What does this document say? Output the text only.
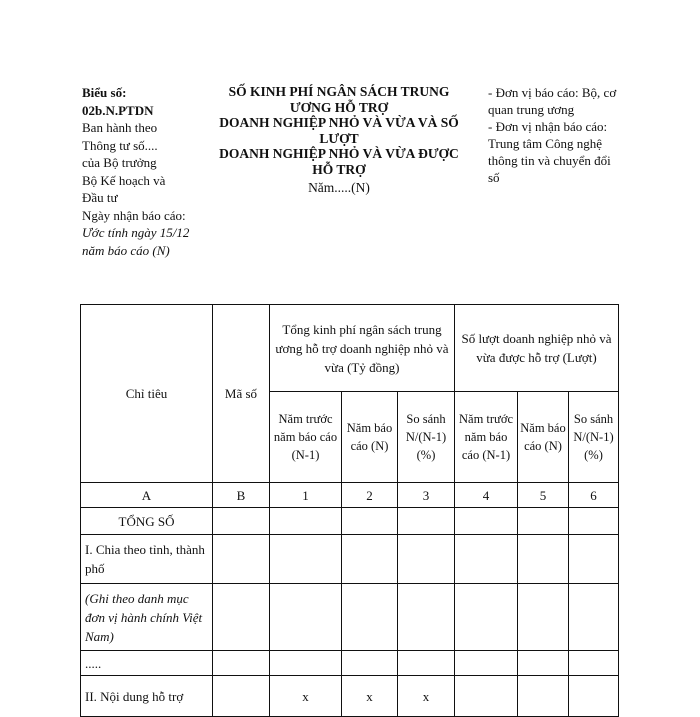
Biểu số:
02b.N.PTDN
Ban hành theo
Thông tư số....
của Bộ trưởng
Bộ Kế hoạch và
Đầu tư
Ngày nhận báo cáo:
Ước tính ngày 15/12 năm báo cáo (N)
SỐ KINH PHÍ NGÂN SÁCH TRUNG ƯƠNG HỖ TRỢ
DOANH NGHIỆP NHỎ VÀ VỪA VÀ SỐ LƯỢT
DOANH NGHIỆP NHỎ VÀ VỪA ĐƯỢC HỖ TRỢ
Năm.....(N)
- Đơn vị báo cáo: Bộ, cơ quan trung ương
- Đơn vị nhận báo cáo: Trung tâm Công nghệ thông tin và chuyển đổi số
Chỉ tiêu	Mã số	Tổng kinh phí ngân sách trung ương hỗ trợ doanh nghiệp nhỏ và vừa (Tỷ đồng)			Số lượt doanh nghiệp nhỏ và vừa được hỗ trợ (Lượt)		
		Năm trước năm báo cáo (N-1)	Năm báo cáo (N)	So sánh N/(N-1) (%)	Năm trước năm báo cáo (N-1)	Năm báo cáo (N)	So sánh N/(N-1) (%)
A	B	1	2	3	4	5	6
TỔNG SỐ							
I. Chia theo tỉnh, thành phố							
(Ghi theo danh mục đơn vị hành chính Việt Nam)							
.....							
II. Nội dung hỗ trợ		x	x	x			
